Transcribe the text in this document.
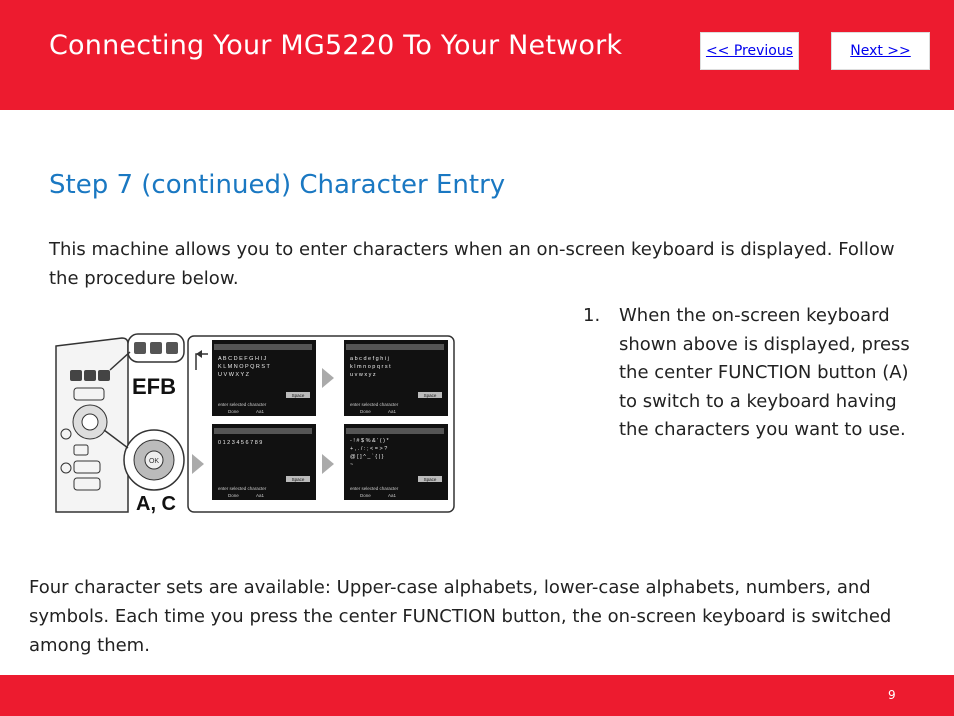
Connecting Your MG5220 To Your Network	<< Previous	Next >>
Step 7 (continued) Character Entry
This machine allows you to enter characters when an on-screen keyboard is displayed. Follow the procedure below.
OK
EFB
A, C
A B C D E F G H I J
K L M N O P Q R S T
U V W X Y Z
Space
enter selected character
Done	Aa1
a b c d e f g h i j
k l m n o p q r s t
u v w x y z
Space
enter selected character
Done	Aa1
0 1 2 3 4 5 6 7 8 9
Space
enter selected character
Done	Aa1
- ! # $ % & ' ( ) *
+ , . / : ; < = > ?
@ [ ] ^ _ ` { | }
~
Space
enter selected character
Done	Aa1
1. When the on-screen keyboard shown above is displayed, press the center FUNCTION button (A) to switch to a keyboard having the characters you want to use.
Four character sets are available: Upper-case alphabets, lower-case alphabets, numbers, and symbols. Each time you press the center FUNCTION button, the on-screen keyboard is switched among them.
9
